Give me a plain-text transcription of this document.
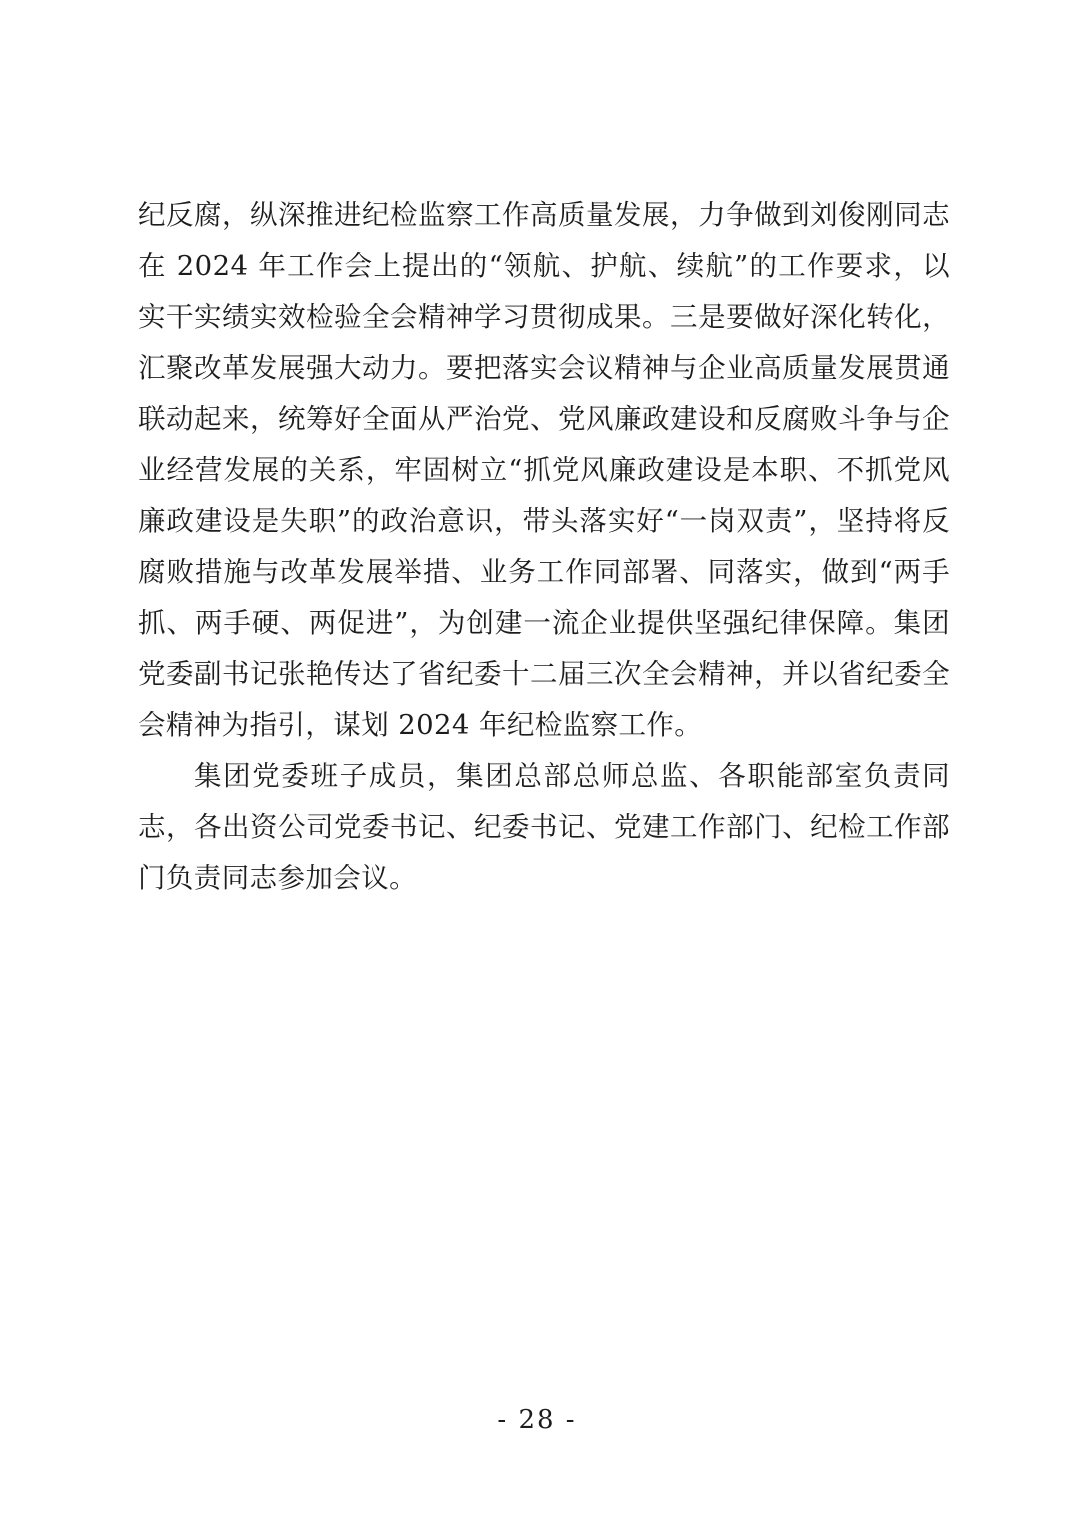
纪反腐，纵深推进纪检监察工作高质量发展，力争做到刘俊刚同志在 2024 年工作会上提出的“领航、护航、续航”的工作要求，以实干实绩实效检验全会精神学习贯彻成果。三是要做好深化转化，汇聚改革发展强大动力。要把落实会议精神与企业高质量发展贯通联动起来，统筹好全面从严治党、党风廉政建设和反腐败斗争与企业经营发展的关系，牢固树立“抓党风廉政建设是本职、不抓党风廉政建设是失职”的政治意识，带头落实好“一岗双责”，坚持将反腐败措施与改革发展举措、业务工作同部署、同落实，做到“两手抓、两手硬、两促进”，为创建一流企业提供坚强纪律保障。集团党委副书记张艳传达了省纪委十二届三次全会精神，并以省纪委全会精神为指引，谋划 2024 年纪检监察工作。

集团党委班子成员，集团总部总师总监、各职能部室负责同志，各出资公司党委书记、纪委书记、党建工作部门、纪检工作部门负责同志参加会议。

- 28 -
